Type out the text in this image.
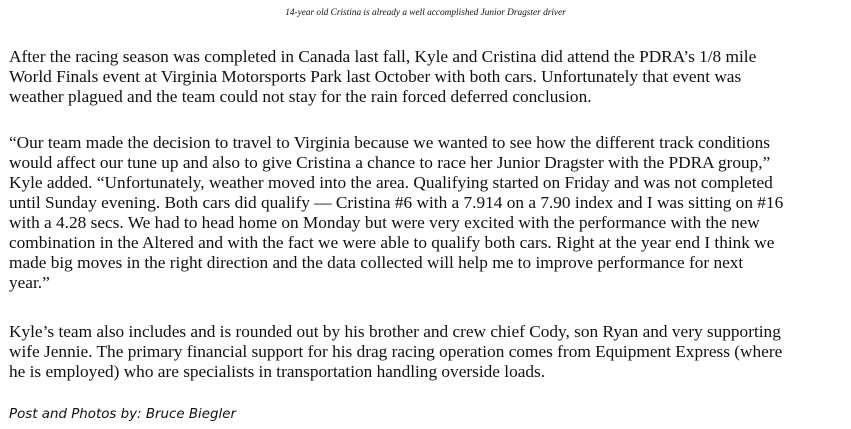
14-year old Cristina is already a well accomplished Junior Dragster driver
After the racing season was completed in Canada last fall, Kyle and Cristina did attend the PDRA’s 1/8 mile
World Finals event at Virginia Motorsports Park last October with both cars. Unfortunately that event was
weather plagued and the team could not stay for the rain forced deferred conclusion.
“Our team made the decision to travel to Virginia because we wanted to see how the different track conditions
would affect our tune up and also to give Cristina a chance to race her Junior Dragster with the PDRA group,”
Kyle added. “Unfortunately, weather moved into the area. Qualifying started on Friday and was not completed
until Sunday evening. Both cars did qualify — Cristina #6 with a 7.914 on a 7.90 index and I was sitting on #16
with a 4.28 secs. We had to head home on Monday but were very excited with the performance with the new
combination in the Altered and with the fact we were able to qualify both cars. Right at the year end I think we
made big moves in the right direction and the data collected will help me to improve performance for next
year.”
Kyle’s team also includes and is rounded out by his brother and crew chief Cody, son Ryan and very supporting
wife Jennie. The primary financial support for his drag racing operation comes from Equipment Express (where
he is employed) who are specialists in transportation handling overside loads.
Post and Photos by: Bruce Biegler
